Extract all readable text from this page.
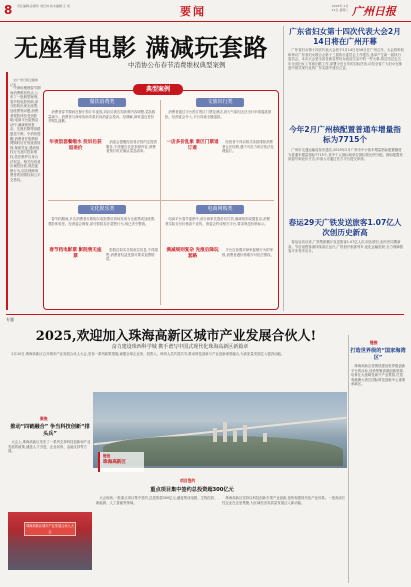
8 责任编辑:孙国华 刘长林 技术编辑:王 刘	要闻	2025年 2月11日 星期二 广州日报
无座看电影 满减玩套路
中消协公布春节消费维权典型案例
文/广州日报全媒体记者
中消协梳理春节期间消费维权热点,公布了一批典型案例。春节档电影热映,部分影院出现无座票、加座票等问题,消费者观影体验受到影响;电商平台促销活动中,满减规则复杂、先涨后降等套路屡见不鲜。中消协提醒,消费者在购票和网购时应仔细查看规则,保留凭证,遇到侵权行为及时投诉维权,依法维护自身合法权益。相关经营者应诚信经营,规范促销行为,切实保障消费者的知情权和公平交易权。
典型案例
餐饮消费类
消费者春节期间在餐厅预订年夜饭,到店后被告知套餐内容调整,菜品数量减少。消费者与商家协商未果后向消委会投诉。经调解,商家退还差价并赔礼道歉。
年夜饭套餐缩水 投诉后获退差价
消委会提醒经营者应按约定提供服务,不得擅自变更套餐内容,消费者预订时应确认菜品清单。
文旅出行类
消费者通过平台预订景区门票及酒店,因天气原因无法出行申请退款被拒。经消委会介入,平台同意全额退款。
一店多价乱象 景区门票退订难
经营者不得以格式条款排除消费者合法权利,遇不可抗力时应依法处理退订。
文化娱乐类
春节档期间,多名消费者反映购买电影票后到场发现为无座票或加座票,观影体验差。经消委会调查,部分影院存在超售行为,现已责令整改。
春节档电影票 影院售无座票
影院应如实告知座位信息,不得超售,消费者权益受损可要求退票赔偿。
电商网购类
电商平台春节促销中,部分商家先提价后打折,满减规则设置复杂,消费者实际支付价格高于宣传。消委会约谈相关平台,要求规范价格标示。
满减规则复杂 先涨后降玩套路
平台应加强对商家促销行为的审核,消费者遇价格欺诈可依法维权。
广东省妇女第十四次代表大会2月14日将在广州开幕
广东省妇女第十四次代表大会将于2月14日至16日在广州召开。大会将听取和审议广东省妇女联合会第十三届执行委员会工作报告,选举产生新一届执行委员会。本次大会是全省各族各界妇女政治生活中的一件大事,将总结过去五年全省妇女工作和妇联工作,部署今后五年的目标任务,动员全省广大妇女在推进中国式现代化的广东实践中建功立业。
今年2月广州核配置普通车增量指标为7715个
广州市交通运输局发布通告,2025年2月广州市中小客车增量指标配置额度为普通车增量指标7715个,其中个人指标和单位指标按比例分配。指标配置采用摇号和竞价方式,申请人可通过官方平台提交申请。
春运29天广铁发送旅客1.07亿人次创历史新高
春运启动以来,广铁集团累计发送旅客1.07亿人次,同比增长,创历史同期新高。节后返程客流持续高位运行,广铁加开临客列车,优化运输组织,全力保障旅客平安有序出行。
专题
2025,欢迎加入珠海高新区城市产业发展合伙人!
奋力建设珠西科学城 携手谱写中国式现代化珠海高新区新篇章
2月10日,珠海高新区召开城市产业发展合伙人大会,发布一系列政策措施,诚邀全球企业家、投资人、科研人员共建共享,推动科技创新与产业创新深度融合,为高质量发展注入强劲动能。
链接
珠海高新区
聚焦
推动“四链融合” 争当科技创新“排头兵”
大会上,珠海高新区发布了一系列支持科技创新和产业发展的政策,涵盖人才引进、企业培育、金融支持等方面。
珠海高新区城市产业发展合伙人大会
项目签约
重点项目集中签约总投资超300亿元
大会现场,一批重点项目集中签约,总投资超300亿元,涵盖集成电路、生物医药、新能源、人工智能等领域。
珠海高新区坚持以科技创新引领产业创新,加快构建现代化产业体系。一批高成长性企业在这里集聚,为区域经济高质量发展注入新动能。
链接
打造世界级的“国家海湾区”
珠海高新区将围绕建设世界级创新平台的目标,加快集聚高端创新资源,培育壮大战略性新兴产业集群,打造粤港澳大湾区国际科技创新中心重要承载区。
